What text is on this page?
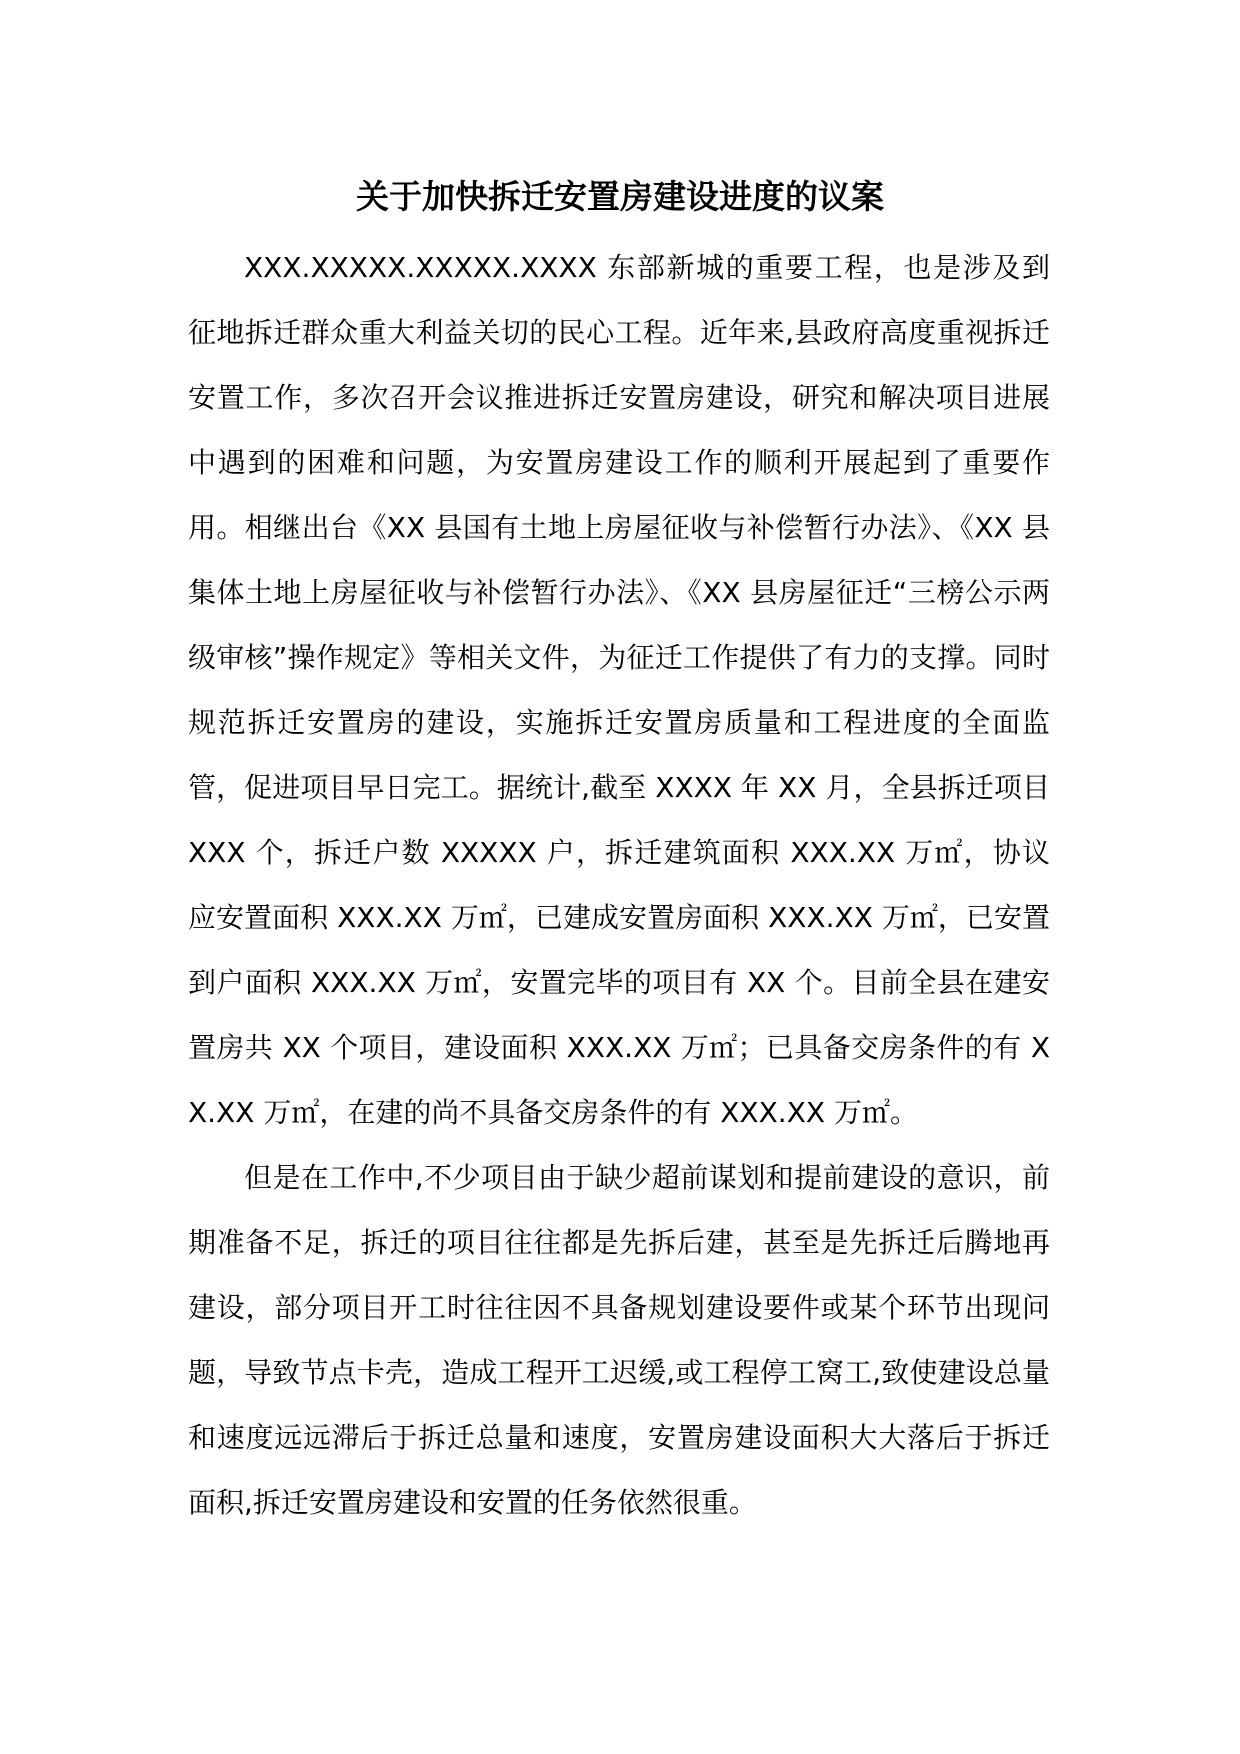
关于加快拆迁安置房建设进度的议案

XXX.XXXXX.XXXXX.XXXX 东部新城的重要工程，也是涉及到征地拆迁群众重大利益关切的民心工程。近年来,县政府高度重视拆迁安置工作，多次召开会议推进拆迁安置房建设，研究和解决项目进展中遇到的困难和问题，为安置房建设工作的顺利开展起到了重要作用。相继出台《XX 县国有土地上房屋征收与补偿暂行办法》、《XX 县集体土地上房屋征收与补偿暂行办法》、《XX 县房屋征迁“三榜公示两级审核”操作规定》等相关文件，为征迁工作提供了有力的支撑。同时规范拆迁安置房的建设，实施拆迁安置房质量和工程进度的全面监管，促进项目早日完工。据统计,截至 XXXX 年 XX 月，全县拆迁项目 XXX 个，拆迁户数 XXXXX 户，拆迁建筑面积 XXX.XX 万㎡，协议应安置面积 XXX.XX 万㎡，已建成安置房面积 XXX.XX 万㎡，已安置到户面积 XXX.XX 万㎡，安置完毕的项目有 XX 个。目前全县在建安置房共 XX 个项目，建设面积 XXX.XX 万㎡；已具备交房条件的有 XX.XX 万㎡，在建的尚不具备交房条件的有 XXX.XX 万㎡。

但是在工作中,不少项目由于缺少超前谋划和提前建设的意识，前期准备不足，拆迁的项目往往都是先拆后建，甚至是先拆迁后腾地再建设，部分项目开工时往往因不具备规划建设要件或某个环节出现问题，导致节点卡壳，造成工程开工迟缓,或工程停工窝工,致使建设总量和速度远远滞后于拆迁总量和速度，安置房建设面积大大落后于拆迁面积,拆迁安置房建设和安置的任务依然很重。
